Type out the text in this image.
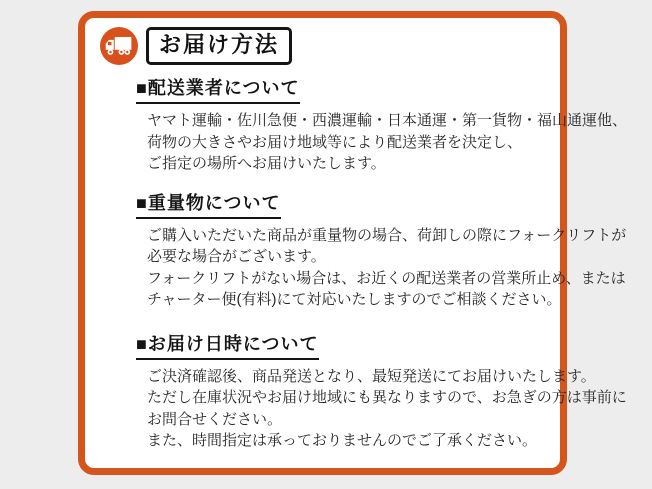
お届け方法
■配送業者について
ヤマト運輸・佐川急便・西濃運輸・日本通運・第一貨物・福山通運他、
荷物の大きさやお届け地域等により配送業者を決定し、
ご指定の場所へお届けいたします。
■重量物について
ご購入いただいた商品が重量物の場合、荷卸しの際にフォークリフトが
必要な場合がございます。
フォークリフトがない場合は、お近くの配送業者の営業所止め、または
チャーター便(有料)にて対応いたしますのでご相談ください。
■お届け日時について
ご決済確認後、商品発送となり、最短発送にてお届けいたします。
ただし在庫状況やお届け地域にも異なりますので、お急ぎの方は事前に
お問合せください。
また、時間指定は承っておりませんのでご了承ください。
